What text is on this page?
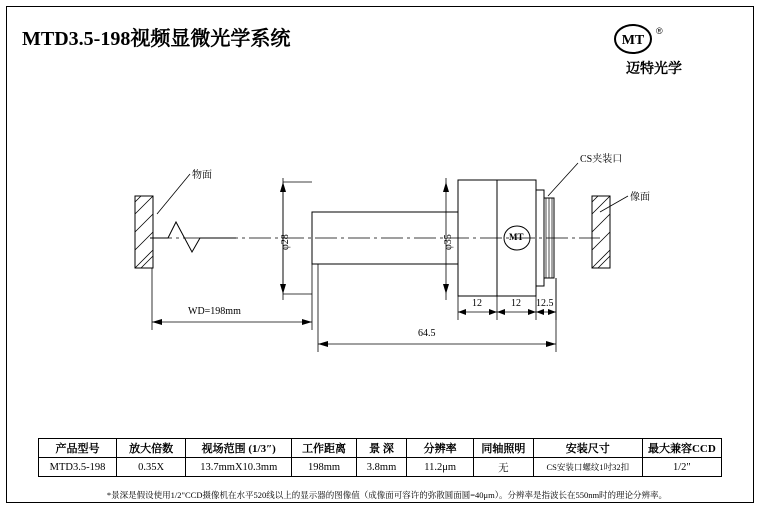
MTD3.5-198视频显微光学系统	MT
®
迈特光学
物面
像面
CS夹装口
φ28	φ35
WD=198mm
64.5
12	12 12.5
MT
产品型号	放大倍数	视场范围 (1/3″)	工作距离	景 深	分辨率	同轴照明	安装尺寸	最大兼容CCD
MTD3.5-198	0.35X	13.7mmX10.3mm	198mm	3.8mm	11.2μm	无	CS安装口螺纹1吋32扣	1/2"
*景深是假设使用1/2"CCD摄像机在水平520线以上的显示器的图像值（成像面可容许的弥散圆面圆=40μm）。分辨率是指波长在550nm时的理论分辨率。
